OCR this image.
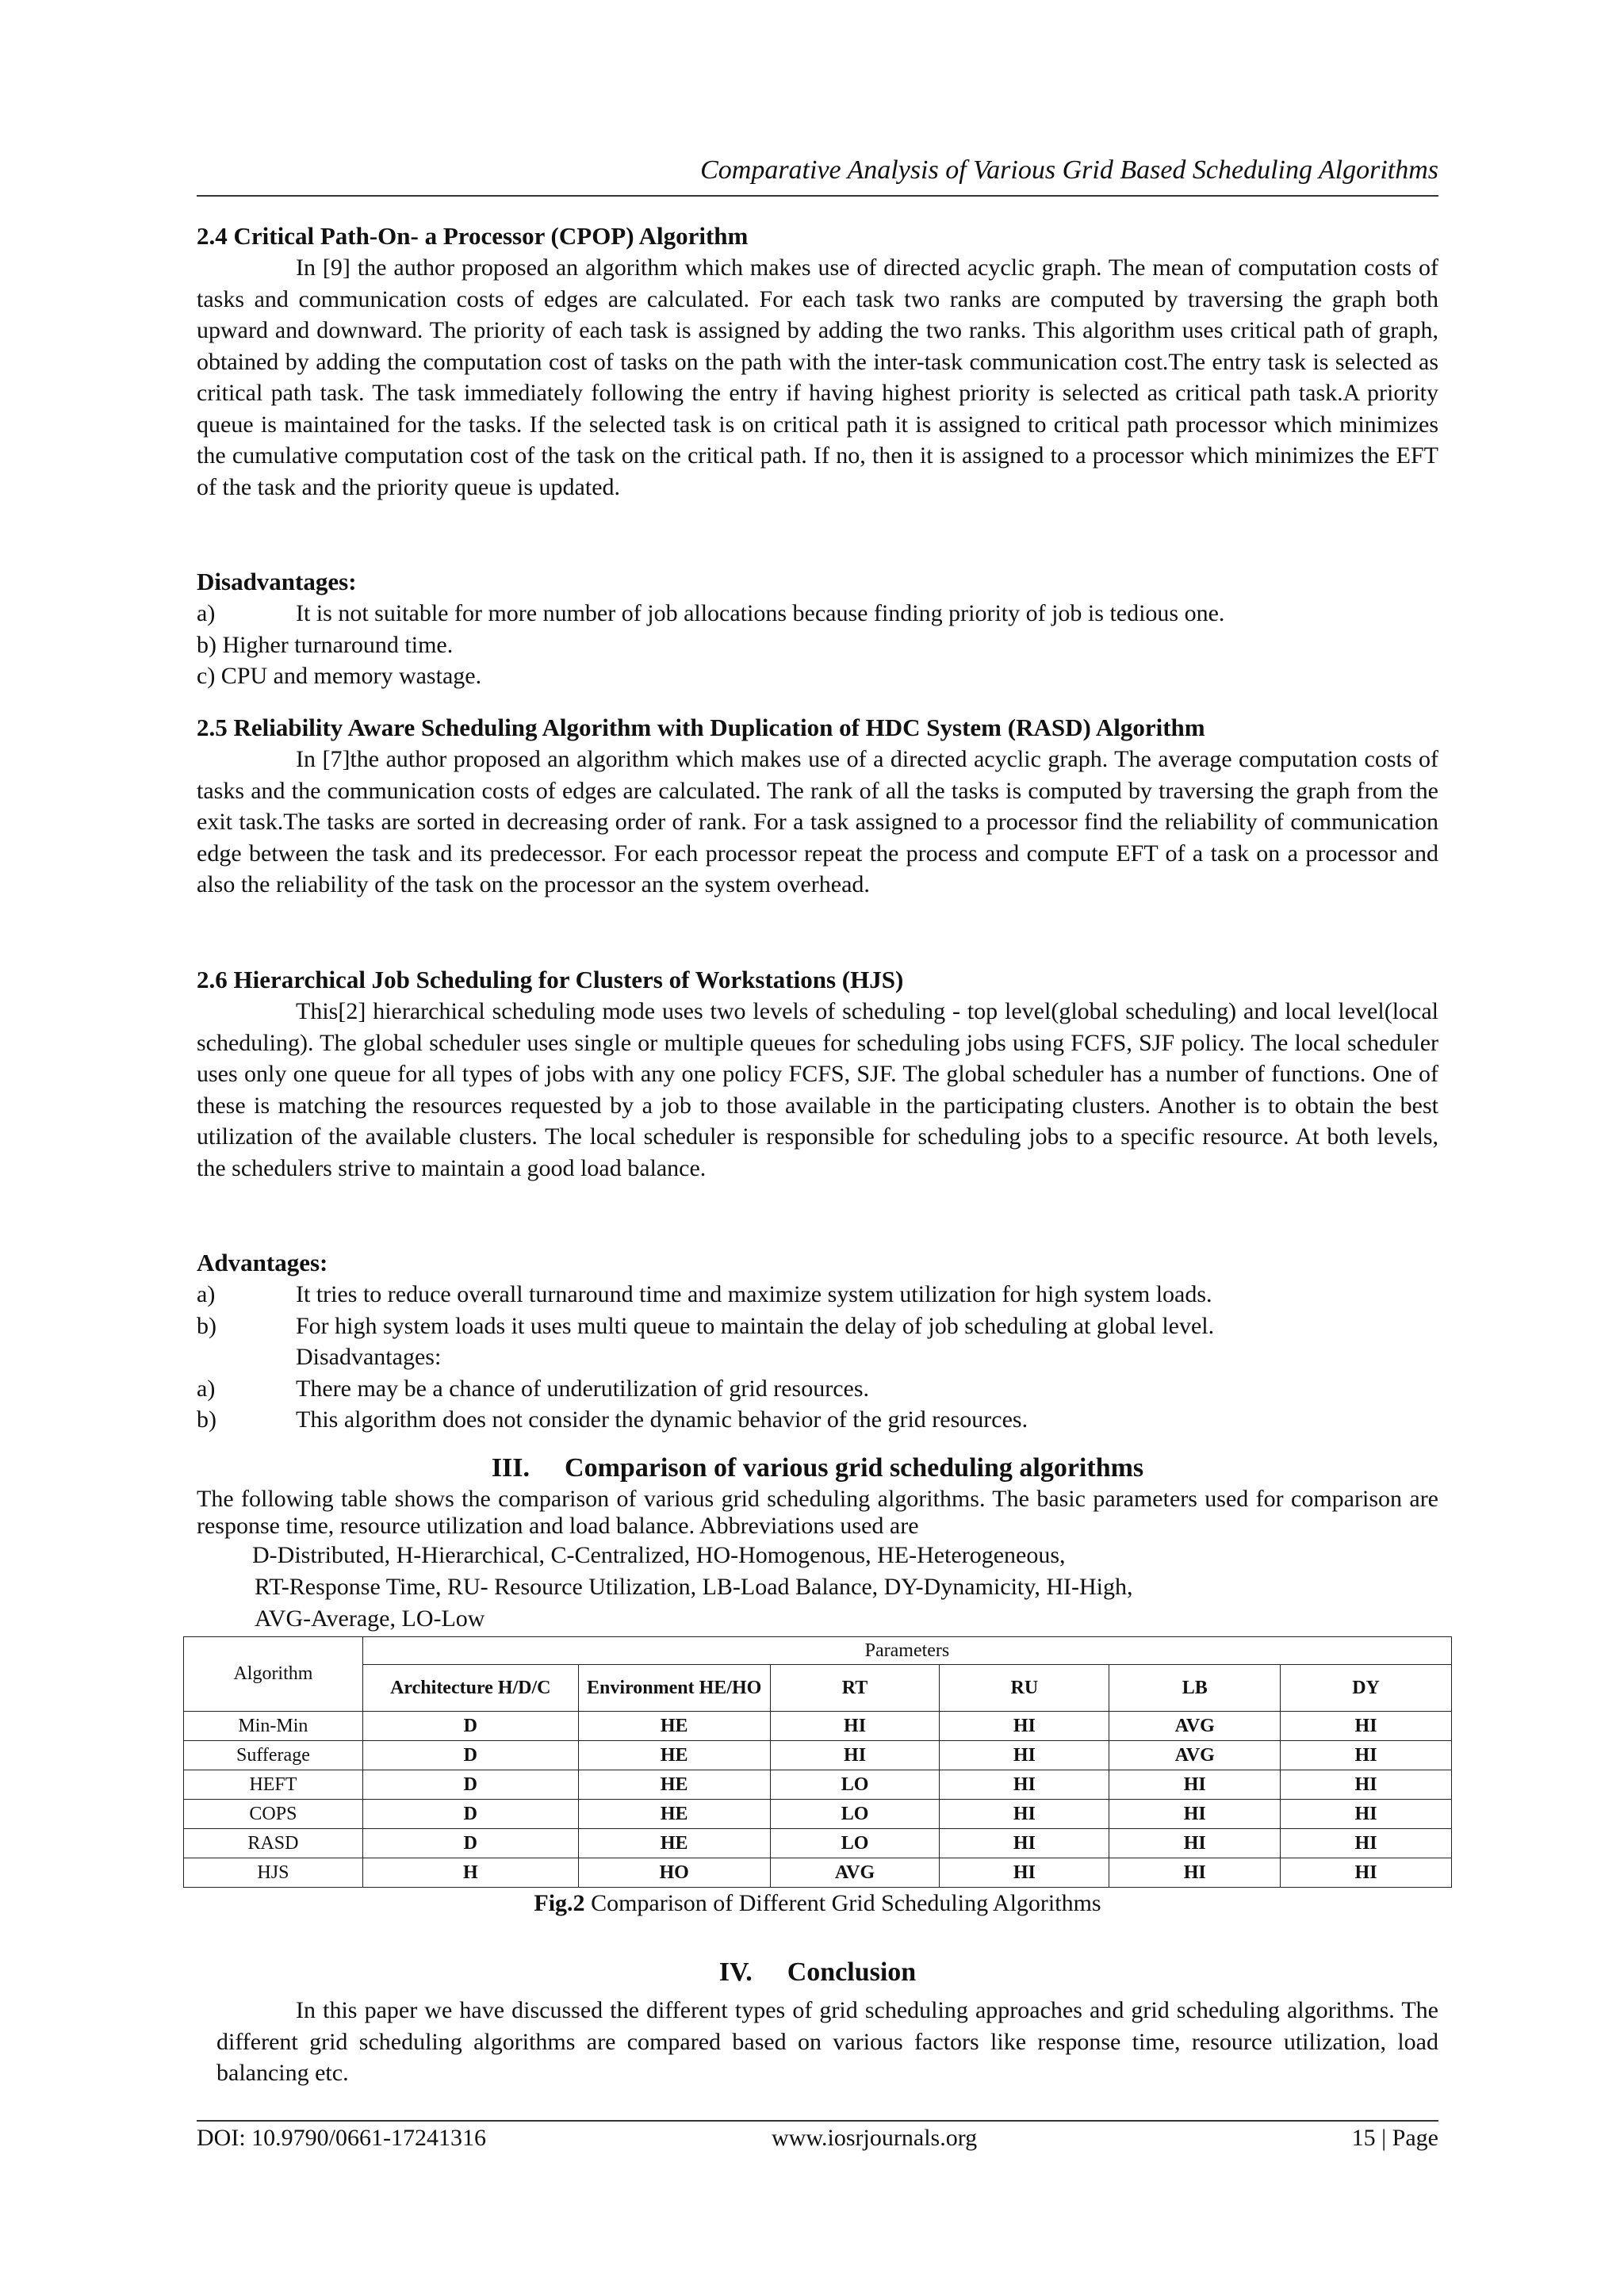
Comparative Analysis of Various Grid Based Scheduling Algorithms
2.4 Critical Path-On- a Processor (CPOP) Algorithm

In [9] the author proposed an algorithm which makes use of directed acyclic graph. The mean of computation costs of tasks and communication costs of edges are calculated. For each task two ranks are computed by traversing the graph both upward and downward. The priority of each task is assigned by adding the two ranks. This algorithm uses critical path of graph, obtained by adding the computation cost of tasks on the path with the inter-task communication cost.The entry task is selected as critical path task. The task immediately following the entry if having highest priority is selected as critical path task.A priority queue is maintained for the tasks. If the selected task is on critical path it is assigned to critical path processor which minimizes the cumulative computation cost of the task on the critical path. If no, then it is assigned to a processor which minimizes the EFT of the task and the priority queue is updated.

Disadvantages:
a)	It is not suitable for more number of job allocations because finding priority of job is tedious one.
b) Higher turnaround time.
c) CPU and memory wastage.
2.5 Reliability Aware Scheduling Algorithm with Duplication of HDC System (RASD) Algorithm

In [7]the author proposed an algorithm which makes use of a directed acyclic graph. The average computation costs of tasks and the communication costs of edges are calculated. The rank of all the tasks is computed by traversing the graph from the exit task.The tasks are sorted in decreasing order of rank. For a task assigned to a processor find the reliability of communication edge between the task and its predecessor. For each processor repeat the process and compute EFT of a task on a processor and also the reliability of the task on the processor an the system overhead.

2.6 Hierarchical Job Scheduling for Clusters of Workstations (HJS)

This[2] hierarchical scheduling mode uses two levels of scheduling - top level(global scheduling) and local level(local scheduling). The global scheduler uses single or multiple queues for scheduling jobs using FCFS, SJF policy. The local scheduler uses only one queue for all types of jobs with any one policy FCFS, SJF. The global scheduler has a number of functions. One of these is matching the resources requested by a job to those available in the participating clusters. Another is to obtain the best utilization of the available clusters. The local scheduler is responsible for scheduling jobs to a specific resource. At both levels, the schedulers strive to maintain a good load balance.

Advantages:
a)	It tries to reduce overall turnaround time and maximize system utilization for high system loads.
b)	For high system loads it uses multi queue to maintain the delay of job scheduling at global level.
Disadvantages:
a)	There may be a chance of underutilization of grid resources.
b)	This algorithm does not consider the dynamic behavior of the grid resources.
III. Comparison of various grid scheduling algorithms

The following table shows the comparison of various grid scheduling algorithms. The basic parameters used for comparison are response time, resource utilization and load balance. Abbreviations used are

D-Distributed, H-Hierarchical, C-Centralized, HO-Homogenous, HE-Heterogeneous,
RT-Response Time, RU- Resource Utilization, LB-Load Balance, DY-Dynamicity, HI-High,
AVG-Average, LO-Low
Algorithm	Parameters					
	Architecture H/D/C	Environment HE/HO	RT	RU	LB	DY
Min-Min	D	HE	HI	HI	AVG	HI
Sufferage	D	HE	HI	HI	AVG	HI
HEFT	D	HE	LO	HI	HI	HI
COPS	D	HE	LO	HI	HI	HI
RASD	D	HE	LO	HI	HI	HI
HJS	H	HO	AVG	HI	HI	HI
Fig.2 Comparison of Different Grid Scheduling Algorithms
IV. Conclusion

In this paper we have discussed the different types of grid scheduling approaches and grid scheduling algorithms. The different grid scheduling algorithms are compared based on various factors like response time, resource utilization, load balancing etc.

DOI: 10.9790/0661-17241316	www.iosrjournals.org	15 | Page
